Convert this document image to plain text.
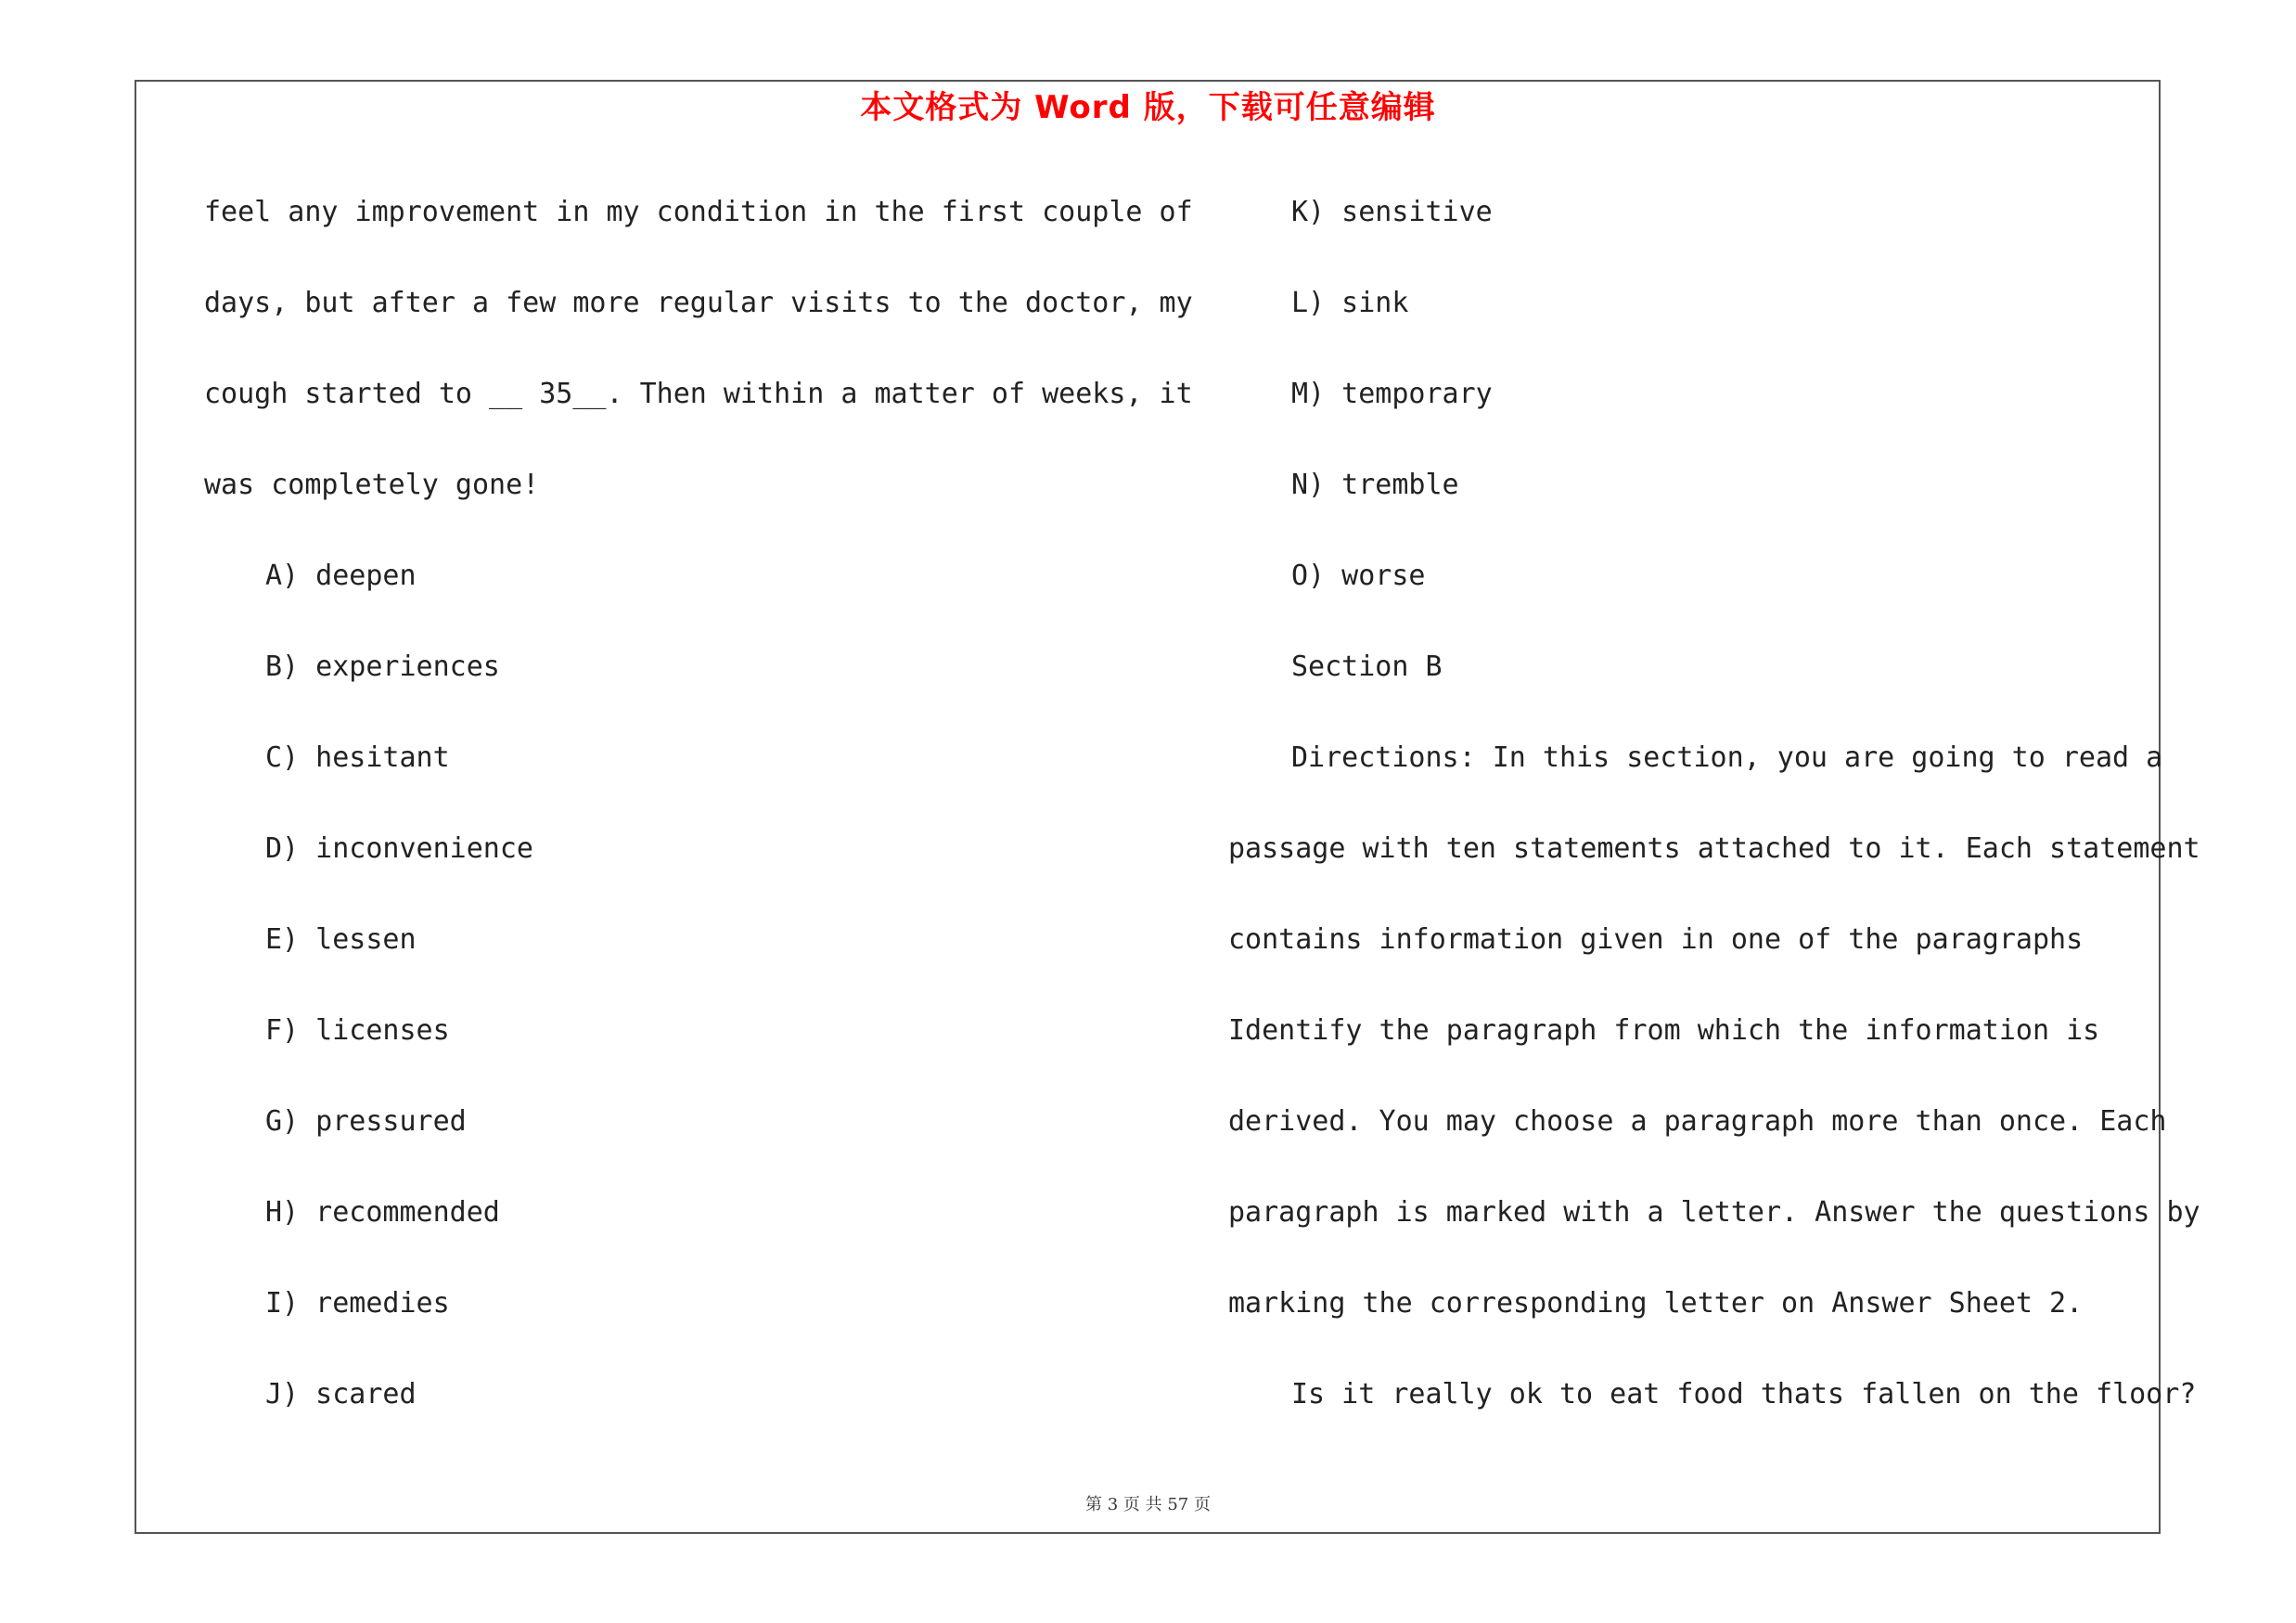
本文格式为 Word 版，下载可任意编辑
feel any improvement in my condition in the first couple of
days, but after a few more regular visits to the doctor, my
cough started to __ 35__. Then within a matter of weeks, it
was completely gone!
A) deepen
B) experiences
C) hesitant
D) inconvenience
E) lessen
F) licenses
G) pressured
H) recommended
I) remedies
J) scared
K) sensitive
L) sink
M) temporary
N) tremble
O) worse
Section B
Directions: In this section, you are going to read a
passage with ten statements attached to it. Each statement
contains information given in one of the paragraphs
Identify the paragraph from which the information is
derived. You may choose a paragraph more than once. Each
paragraph is marked with a letter. Answer the questions by
marking the corresponding letter on Answer Sheet 2.
Is it really ok to eat food thats fallen on the floor?
第 3 页 共 57 页
